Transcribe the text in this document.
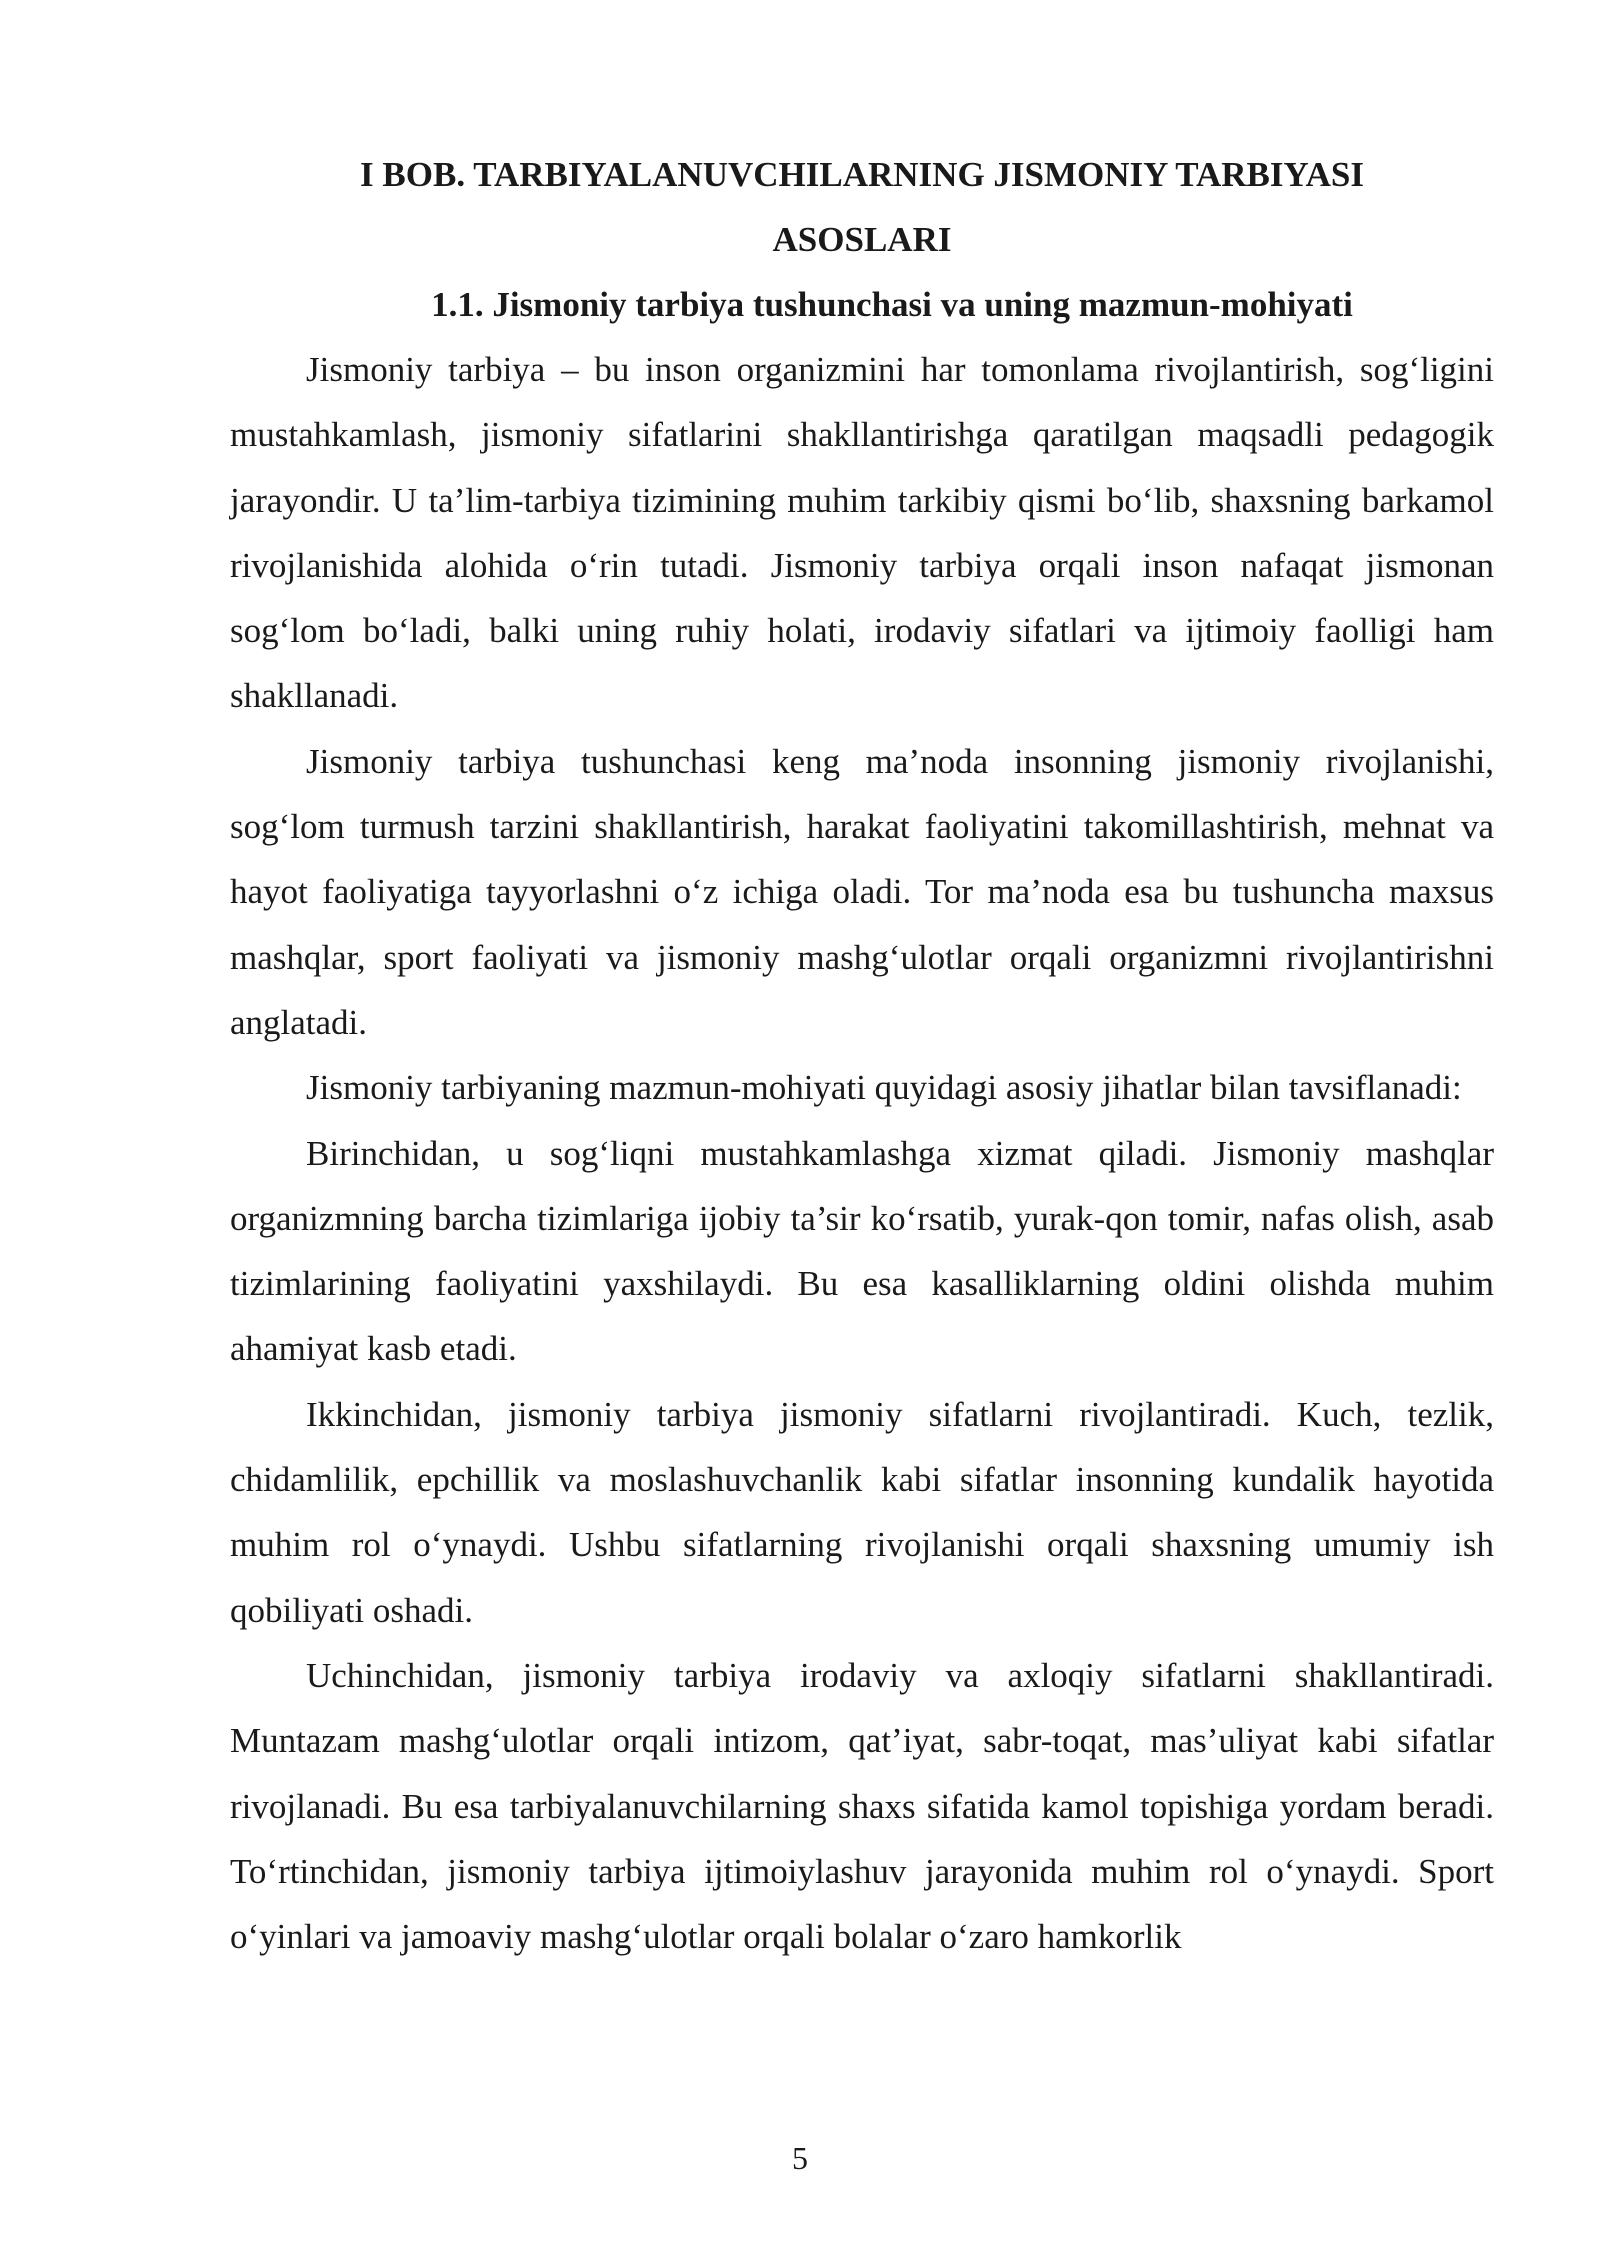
I BOB. TARBIYALANUVCHILARNING JISMONIY TARBIYASI ASOSLARI
1.1. Jismoniy tarbiya tushunchasi va uning mazmun-mohiyati

Jismoniy tarbiya – bu inson organizmini har tomonlama rivojlantirish, sog‘ligini mustahkamlash, jismoniy sifatlarini shakllantirishga qaratilgan maqsadli pedagogik jarayondir. U ta’lim-tarbiya tizimining muhim tarkibiy qismi bo‘lib, shaxsning barkamol rivojlanishida alohida o‘rin tutadi. Jismoniy tarbiya orqali inson nafaqat jismonan sog‘lom bo‘ladi, balki uning ruhiy holati, irodaviy sifatlari va ijtimoiy faolligi ham shakllanadi.

Jismoniy tarbiya tushunchasi keng ma’noda insonning jismoniy rivojlanishi, sog‘lom turmush tarzini shakllantirish, harakat faoliyatini takomillashtirish, mehnat va hayot faoliyatiga tayyorlashni o‘z ichiga oladi. Tor ma’noda esa bu tushuncha maxsus mashqlar, sport faoliyati va jismoniy mashg‘ulotlar orqali organizmni rivojlantirishni anglatadi.

Jismoniy tarbiyaning mazmun-mohiyati quyidagi asosiy jihatlar bilan tavsiflanadi:

Birinchidan, u sog‘liqni mustahkamlashga xizmat qiladi. Jismoniy mashqlar organizmning barcha tizimlariga ijobiy ta’sir ko‘rsatib, yurak-qon tomir, nafas olish, asab tizimlarining faoliyatini yaxshilaydi. Bu esa kasalliklarning oldini olishda muhim ahamiyat kasb etadi.

Ikkinchidan, jismoniy tarbiya jismoniy sifatlarni rivojlantiradi. Kuch, tezlik, chidamlilik, epchillik va moslashuvchanlik kabi sifatlar insonning kundalik hayotida muhim rol o‘ynaydi. Ushbu sifatlarning rivojlanishi orqali shaxsning umumiy ish qobiliyati oshadi.

Uchinchidan, jismoniy tarbiya irodaviy va axloqiy sifatlarni shakllantiradi. Muntazam mashg‘ulotlar orqali intizom, qat’iyat, sabr-toqat, mas’uliyat kabi sifatlar rivojlanadi. Bu esa tarbiyalanuvchilarning shaxs sifatida kamol topishiga yordam beradi. To‘rtinchidan, jismoniy tarbiya ijtimoiylashuv jarayonida muhim rol o‘ynaydi. Sport o‘yinlari va jamoaviy mashg‘ulotlar orqali bolalar o‘zaro hamkorlik

5
